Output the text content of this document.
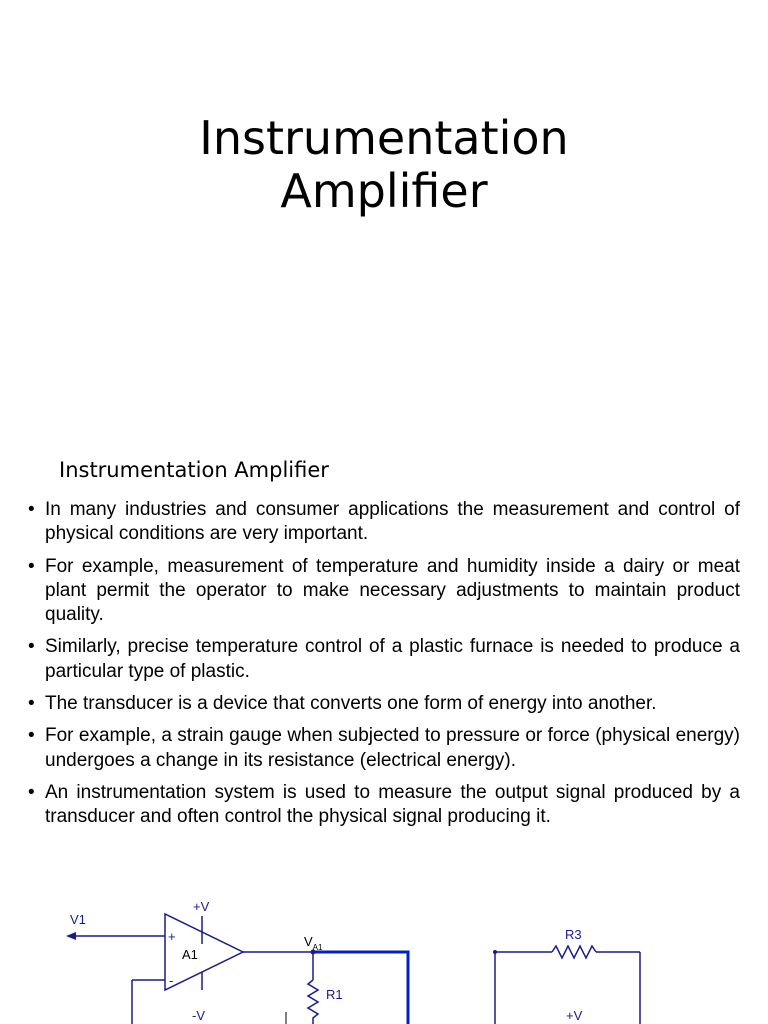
Instrumentation
Amplifier
Instrumentation Amplifier
• In many industries and consumer applications the measurement and control of physical conditions are very important.
• For example, measurement of temperature and humidity inside a dairy or meat plant permit the operator to make necessary adjustments to maintain product quality.
• Similarly, precise temperature control of a plastic furnace is needed to produce a particular type of plastic.
• The transducer is a device that converts one form of energy into another.
• For example, a strain gauge when subjected to pressure or force (physical energy) undergoes a change in its resistance (electrical energy).
• An instrumentation system is used to measure the output signal produced by a transducer and often control the physical signal producing it.
V1
+V
-V
+
-
A1
$V_{A1}$
R1
R3
+V
